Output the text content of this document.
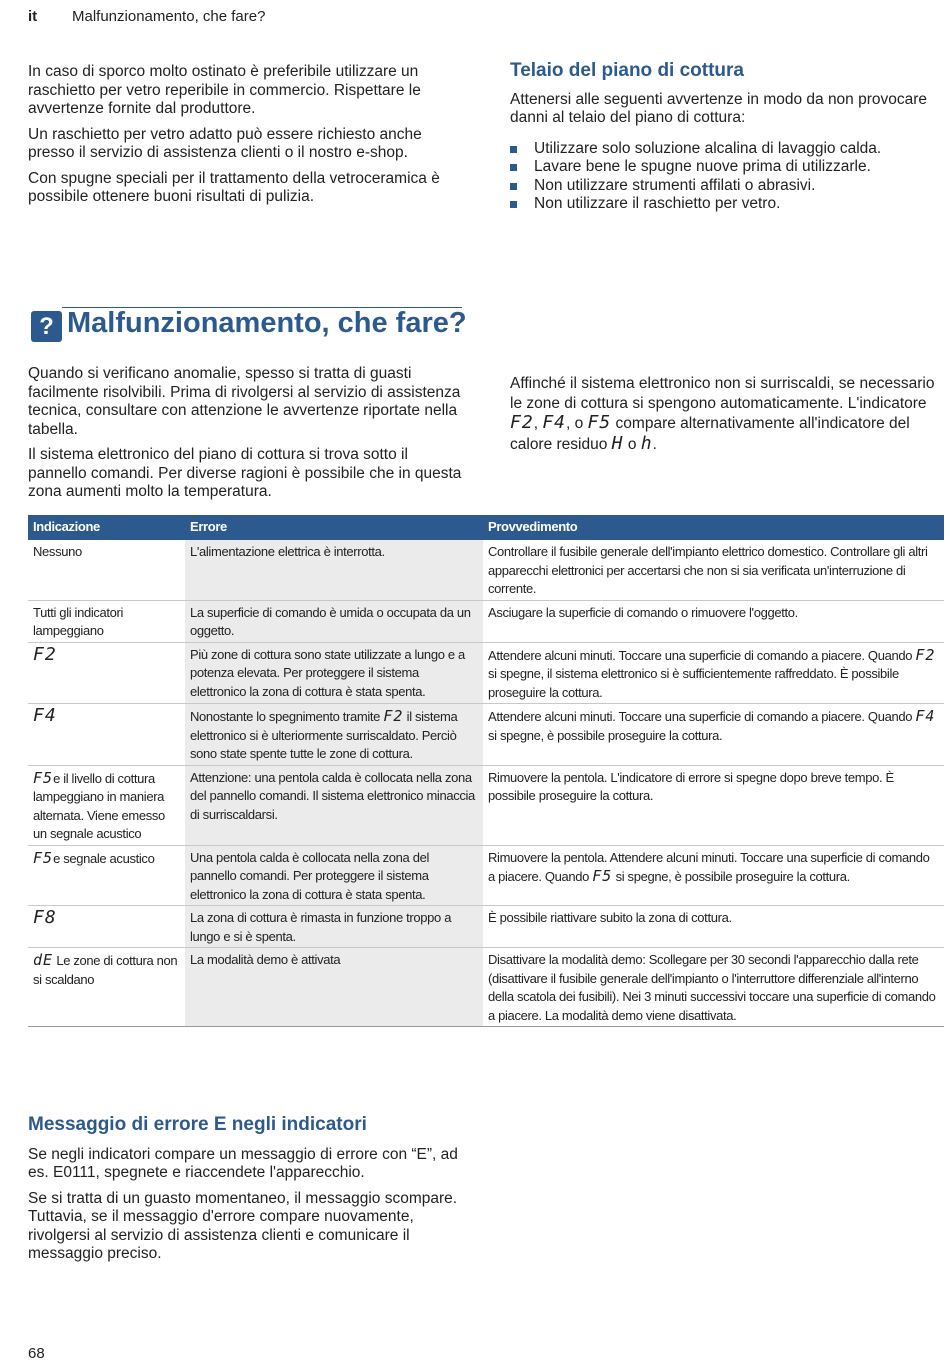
it Malfunzionamento, che fare?

In caso di sporco molto ostinato è preferibile utilizzare un raschietto per vetro reperibile in commercio. Rispettare le avvertenze fornite dal produttore.

Un raschietto per vetro adatto può essere richiesto anche presso il servizio di assistenza clienti o il nostro e-shop.

Con spugne speciali per il trattamento della vetroceramica è possibile ottenere buoni risultati di pulizia.

Telaio del piano di cottura

Attenersi alle seguenti avvertenze in modo da non provocare danni al telaio del piano di cottura:

Utilizzare solo soluzione alcalina di lavaggio calda.
Lavare bene le spugne nuove prima di utilizzarle.
Non utilizzare strumenti affilati o abrasivi.
Non utilizzare il raschietto per vetro.
? Malfunzionamento, che fare?

Quando si verificano anomalie, spesso si tratta di guasti facilmente risolvibili. Prima di rivolgersi al servizio di assistenza tecnica, consultare con attenzione le avvertenze riportate nella tabella.

Il sistema elettronico del piano di cottura si trova sotto il pannello comandi. Per diverse ragioni è possibile che in questa zona aumenti molto la temperatura.

Affinché il sistema elettronico non si surriscaldi, se necessario le zone di cottura si spengono automaticamente. L'indicatore F2, F4, o F5 compare alternativamente all'indicatore del calore residuo H o h.

Indicazione	Errore	Provvedimento
Nessuno	L'alimentazione elettrica è interrotta.	Controllare il fusibile generale dell'impianto elettrico domestico. Controllare gli altri apparecchi elettronici per accertarsi che non si sia verificata un'interruzione di corrente.
Tutti gli indicatori lampeggiano	La superficie di comando è umida o occupata da un oggetto.	Asciugare la superficie di comando o rimuovere l'oggetto.
F2	Più zone di cottura sono state utilizzate a lungo e a potenza elevata. Per proteggere il sistema elettronico la zona di cottura è stata spenta.	Attendere alcuni minuti. Toccare una superficie di comando a piacere. Quando F2 si spegne, il sistema elettronico si è sufficientemente raffreddato. È possibile proseguire la cottura.
F4	Nonostante lo spegnimento tramite F2 il sistema elettronico si è ulteriormente surriscaldato. Perciò sono state spente tutte le zone di cottura.	Attendere alcuni minuti. Toccare una superficie di comando a piacere. Quando F4 si spegne, è possibile proseguire la cottura.
F5e il livello di cottura lampeggiano in maniera alternata. Viene emesso un segnale acustico	Attenzione: una pentola calda è collocata nella zona del pannello comandi. Il sistema elettronico minaccia di surriscaldarsi.	Rimuovere la pentola. L'indicatore di errore si spegne dopo breve tempo. È possibile proseguire la cottura.
F5e segnale acustico	Una pentola calda è collocata nella zona del pannello comandi. Per proteggere il sistema elettronico la zona di cottura è stata spenta.	Rimuovere la pentola. Attendere alcuni minuti. Toccare una superficie di comando a piacere. Quando F5 si spegne, è possibile proseguire la cottura.
F8	La zona di cottura è rimasta in funzione troppo a lungo e si è spenta.	È possibile riattivare subito la zona di cottura.
dE Le zone di cottura non si scaldano	La modalità demo è attivata	Disattivare la modalità demo: Scollegare per 30 secondi l'apparecchio dalla rete (disattivare il fusibile generale dell'impianto o l'interruttore differenziale all'interno della scatola dei fusibili). Nei 3 minuti successivi toccare una superficie di comando a piacere. La modalità demo viene disattivata.
Messaggio di errore E negli indicatori

Se negli indicatori compare un messaggio di errore con “E”, ad es. E0111, spegnete e riaccendete l'apparecchio.

Se si tratta di un guasto momentaneo, il messaggio scompare. Tuttavia, se il messaggio d'errore compare nuovamente, rivolgersi al servizio di assistenza clienti e comunicare il messaggio preciso.

68
